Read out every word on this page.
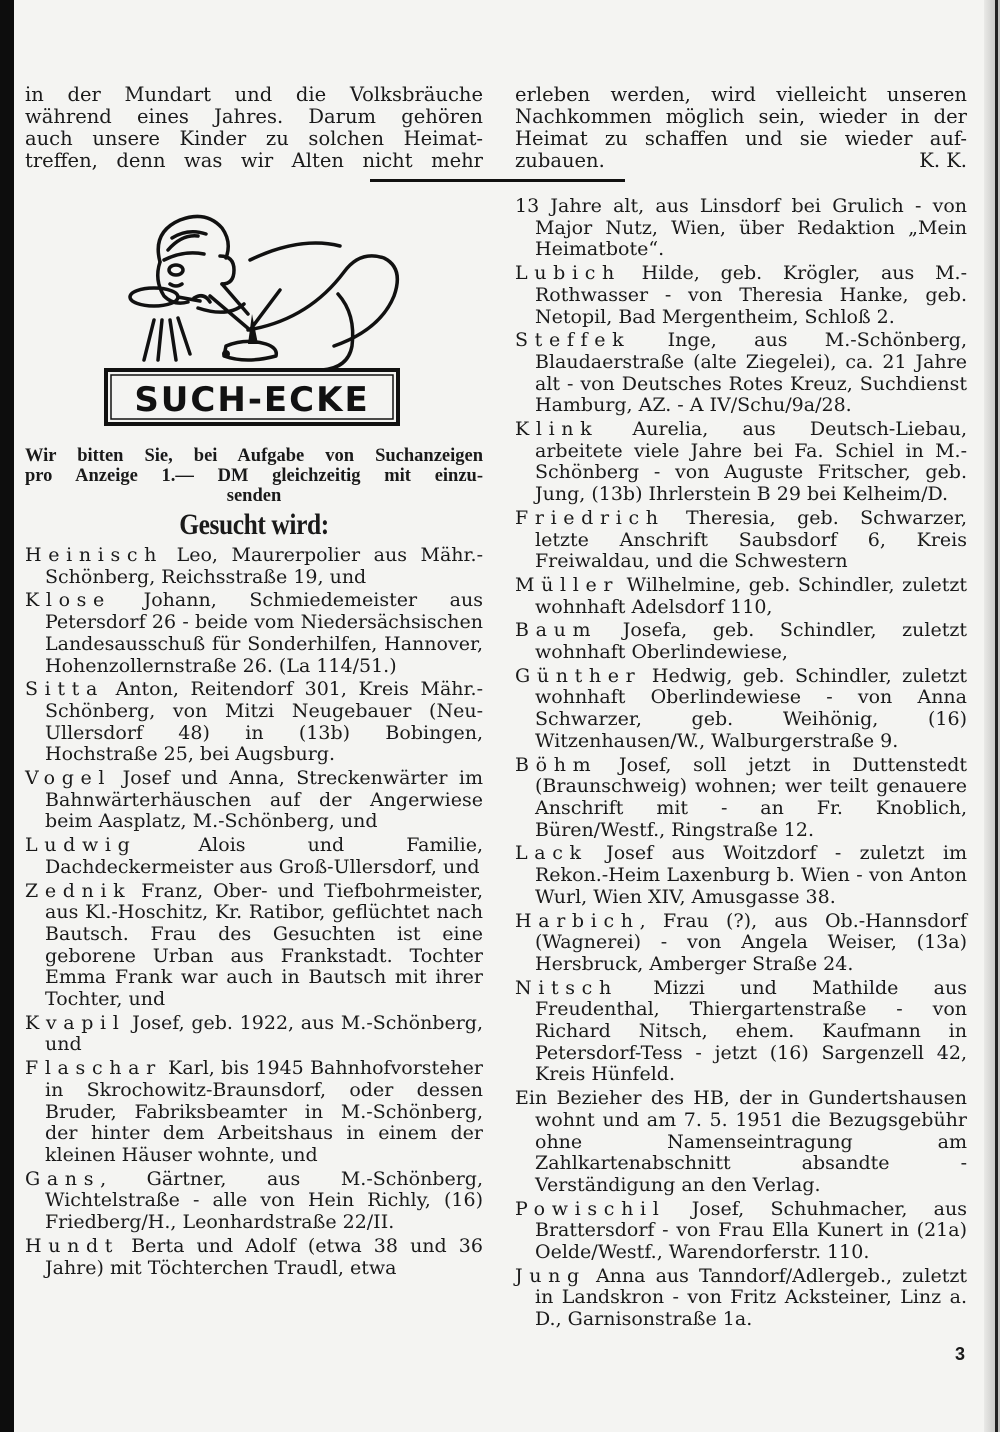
in der Mundart und die Volksbräuche
während eines Jahres. Darum gehören
auch unsere Kinder zu solchen Heimat-
treffen, denn was wir Alten nicht mehr
erleben werden, wird vielleicht unseren
Nachkommen möglich sein, wieder in der
Heimat zu schaffen und sie wieder auf-
zubauen.	K. K.
SUCH-ECKE
Wir bitten Sie, bei Aufgabe von Suchanzeigen
pro Anzeige 1.— DM gleichzeitig mit einzu-
senden
Gesucht wird:

Heinisch Leo, Maurerpolier aus Mähr.-Schönberg, Reichsstraße 19, und

Klose Johann, Schmiedemeister aus Petersdorf 26 - beide vom Niedersächsischen Landesausschuß für Sonderhilfen, Hannover, Hohenzollernstraße 26. (La 114/51.)

Sitta Anton, Reitendorf 301, Kreis Mähr.-Schönberg, von Mitzi Neugebauer (Neu-Ullersdorf 48) in (13b) Bobingen, Hochstraße 25, bei Augsburg.

Vogel Josef und Anna, Streckenwärter im Bahnwärterhäuschen auf der Angerwiese beim Aasplatz, M.-Schönberg, und

Ludwig Alois und Familie, Dachdeckermeister aus Groß-Ullersdorf, und

Zednik Franz, Ober- und Tiefbohrmeister, aus Kl.-Hoschitz, Kr. Ratibor, geflüchtet nach Bautsch. Frau des Gesuchten ist eine geborene Urban aus Frankstadt. Tochter Emma Frank war auch in Bautsch mit ihrer Tochter, und

Kvapil Josef, geb. 1922, aus M.-Schönberg, und

Flaschar Karl, bis 1945 Bahnhofvorsteher in Skrochowitz-Braunsdorf, oder dessen Bruder, Fabriksbeamter in M.-Schönberg, der hinter dem Arbeitshaus in einem der kleinen Häuser wohnte, und

Gans, Gärtner, aus M.-Schönberg, Wichtelstraße - alle von Hein Richly, (16) Friedberg/H., Leonhardstraße 22/II.

Hundt Berta und Adolf (etwa 38 und 36 Jahre) mit Töchterchen Traudl, etwa

13 Jahre alt, aus Linsdorf bei Grulich - von Major Nutz, Wien, über Redaktion „Mein Heimatbote“.

Lubich Hilde, geb. Krögler, aus M.-Rothwasser - von Theresia Hanke, geb. Netopil, Bad Mergentheim, Schloß 2.

Steffek Inge, aus M.-Schönberg, Blaudaerstraße (alte Ziegelei), ca. 21 Jahre alt - von Deutsches Rotes Kreuz, Suchdienst Hamburg, AZ. - A IV/Schu/9a/28.

Klink Aurelia, aus Deutsch-Liebau, arbeitete viele Jahre bei Fa. Schiel in M.-Schönberg - von Auguste Fritscher, geb. Jung, (13b) Ihrlerstein B 29 bei Kelheim/D.

Friedrich Theresia, geb. Schwarzer, letzte Anschrift Saubsdorf 6, Kreis Freiwaldau, und die Schwestern

Müller Wilhelmine, geb. Schindler, zuletzt wohnhaft Adelsdorf 110,

Baum Josefa, geb. Schindler, zuletzt wohnhaft Oberlindewiese,

Günther Hedwig, geb. Schindler, zuletzt wohnhaft Oberlindewiese - von Anna Schwarzer, geb. Weihönig, (16) Witzenhausen/W., Walburgerstraße 9.

Böhm Josef, soll jetzt in Duttenstedt (Braunschweig) wohnen; wer teilt genauere Anschrift mit - an Fr. Knoblich, Büren/Westf., Ringstraße 12.

Lack Josef aus Woitzdorf - zuletzt im Rekon.-Heim Laxenburg b. Wien - von Anton Wurl, Wien XIV, Amusgasse 38.

Harbich, Frau (?), aus Ob.-Hannsdorf (Wagnerei) - von Angela Weiser, (13a) Hersbruck, Amberger Straße 24.

Nitsch Mizzi und Mathilde aus Freudenthal, Thiergartenstraße - von Richard Nitsch, ehem. Kaufmann in Petersdorf-Tess - jetzt (16) Sargenzell 42, Kreis Hünfeld.

Ein Bezieher des HB, der in Gundertshausen wohnt und am 7. 5. 1951 die Bezugsgebühr ohne Namenseintragung am Zahlkartenabschnitt absandte - Verständigung an den Verlag.

Powischil Josef, Schuhmacher, aus Brattersdorf - von Frau Ella Kunert in (21a) Oelde/Westf., Warendorferstr. 110.

Jung Anna aus Tanndorf/Adlergeb., zuletzt in Landskron - von Fritz Acksteiner, Linz a. D., Garnisonstraße 1a.

3
